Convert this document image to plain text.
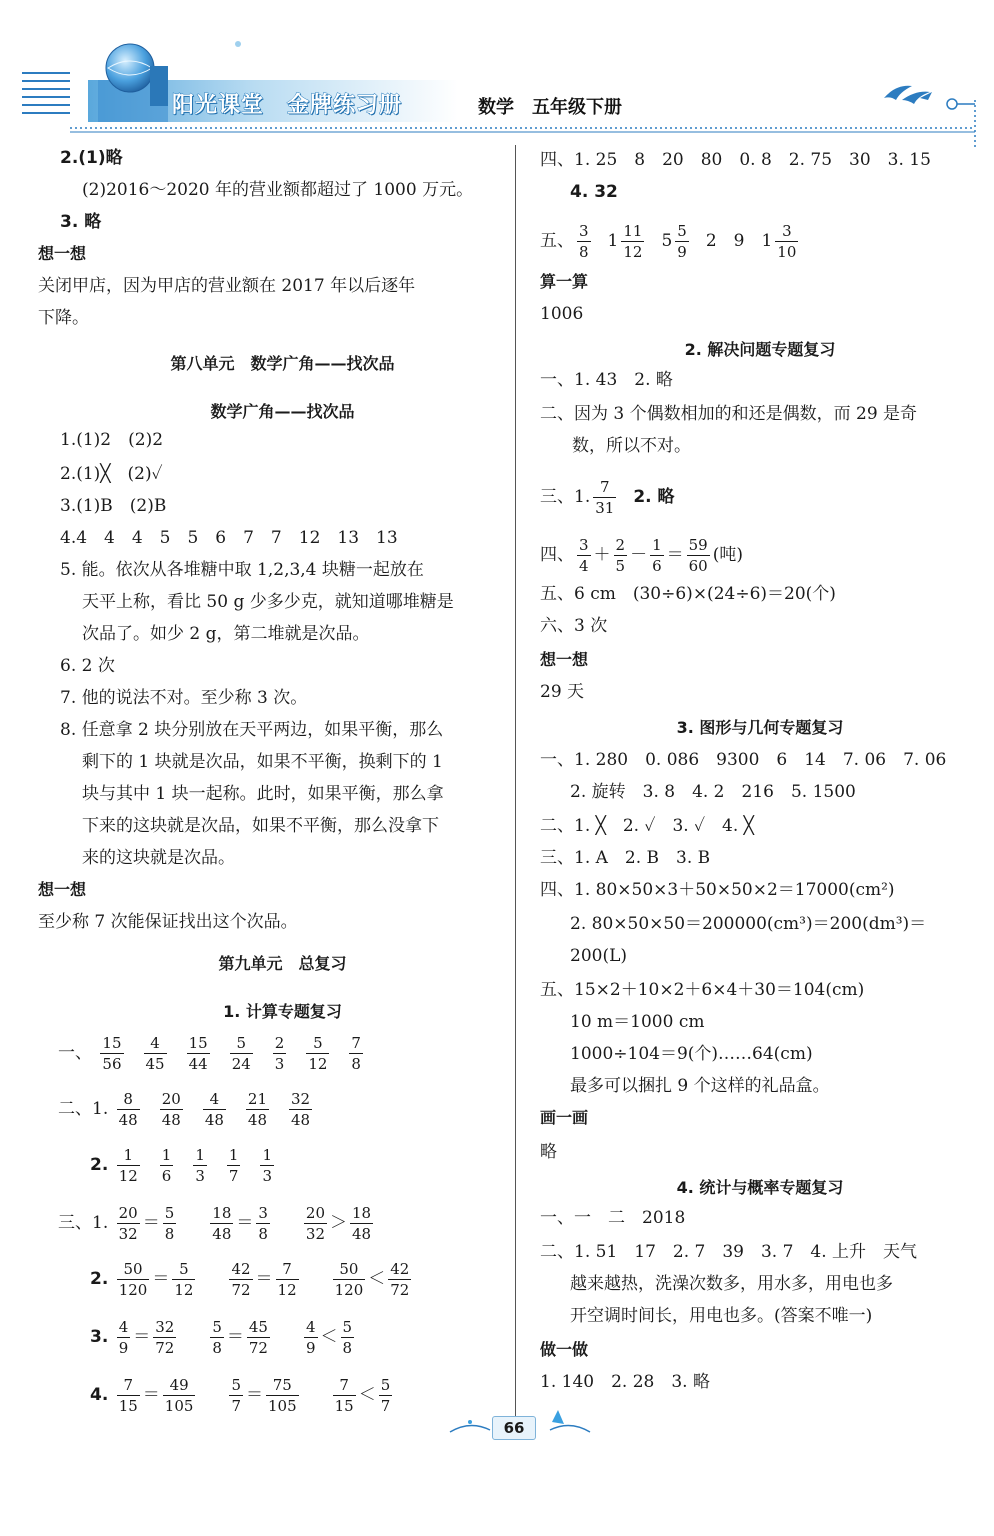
阳光课堂　金牌练习册	数学　五年级下册
2.(1)略
(2)2016～2020 年的营业额都超过了 1000 万元。
3. 略
想一想
关闭甲店，因为甲店的营业额在 2017 年以后逐年
下降。
第八单元　数学广角——找次品
数学广角——找次品
1.(1)2　(2)2
2.(1)╳　(2)✓
3.(1)B　(2)B
4.4　4　4　5　5　6　7　7　12　13　13
5. 能。依次从各堆糖中取 1,2,3,4 块糖一起放在
天平上称，看比 50 g 少多少克，就知道哪堆糖是
次品了。如少 2 g，第二堆就是次品。
6. 2 次
7. 他的说法不对。至少称 3 次。
8. 任意拿 2 块分别放在天平两边，如果平衡，那么
剩下的 1 块就是次品，如果不平衡，换剩下的 1
块与其中 1 块一起称。此时，如果平衡，那么拿
下来的这块就是次品，如果不平衡，那么没拿下
来的这块就是次品。
想一想
至少称 7 次能保证找出这个次品。
第九单元　总复习
1. 计算专题复习
一、 $\frac{15}{56} \frac{4}{45} \frac{15}{44} \frac{5}{24} \frac{2}{3} \frac{5}{12} \frac{7}{8}$
二、1. $\frac{8}{48} \frac{20}{48} \frac{4}{48} \frac{21}{48} \frac{32}{48}$
2. $\frac{1}{12} \frac{1}{6} \frac{1}{3} \frac{1}{7} \frac{1}{3}$
三、1. $\frac{20}{32} = \frac{5}{8} \frac{18}{48} = \frac{3}{8} \frac{20}{32} > \frac{18}{48}$
2. $\frac{50}{120} = \frac{5}{12} \frac{42}{72} = \frac{7}{12} \frac{50}{120} < \frac{42}{72}$
3. $\frac{4}{9} = \frac{32}{72} \frac{5}{8} = \frac{45}{72} \frac{4}{9} < \frac{5}{8}$
4. $\frac{7}{15} = \frac{49}{105} \frac{5}{7} = \frac{75}{105} \frac{7}{15} < \frac{5}{7}$
四、1. 25　8　20　80　0. 8　2. 75　30　3. 15
4. 32
五、 $\frac{3}{8} 1 \frac{11}{12} 5 \frac{5}{9} 2$　9　$1 \frac{3}{10}$
算一算
1006
2. 解决问题专题复习
一、1. 43　2. 略
二、因为 3 个偶数相加的和还是偶数，而 29 是奇
数，所以不对。
三、1. $\frac{7}{31} 2$. 略
四、 $\frac{3}{4} + \frac{2}{5} - \frac{1}{6} = \frac{59}{60}$ (吨)
五、6 cm　(30÷6)×(24÷6)＝20(个)
六、3 次
想一想
29 天
3. 图形与几何专题复习
一、1. 280　0. 086　9300　6　14　7. 06　7. 06
2. 旋转　3. 8　4. 2　216　5. 1500
二、1. ╳　2. ✓　3. ✓　4. ╳
三、1. A　2. B　3. B
四、1. 80×50×3＋50×50×2＝17000(cm²)
2. 80×50×50＝200000(cm³)＝200(dm³)＝
200(L)
五、15×2＋10×2＋6×4＋30＝104(cm)
10 m＝1000 cm
1000÷104＝9(个)……64(cm)
最多可以捆扎 9 个这样的礼品盒。
画一画
略
4. 统计与概率专题复习
一、一　二　2018
二、1. 51　17　2. 7　39　3. 7　4. 上升　天气
越来越热，洗澡次数多，用水多，用电也多
开空调时间长，用电也多。(答案不唯一)
做一做
1. 140　2. 28　3. 略
66
